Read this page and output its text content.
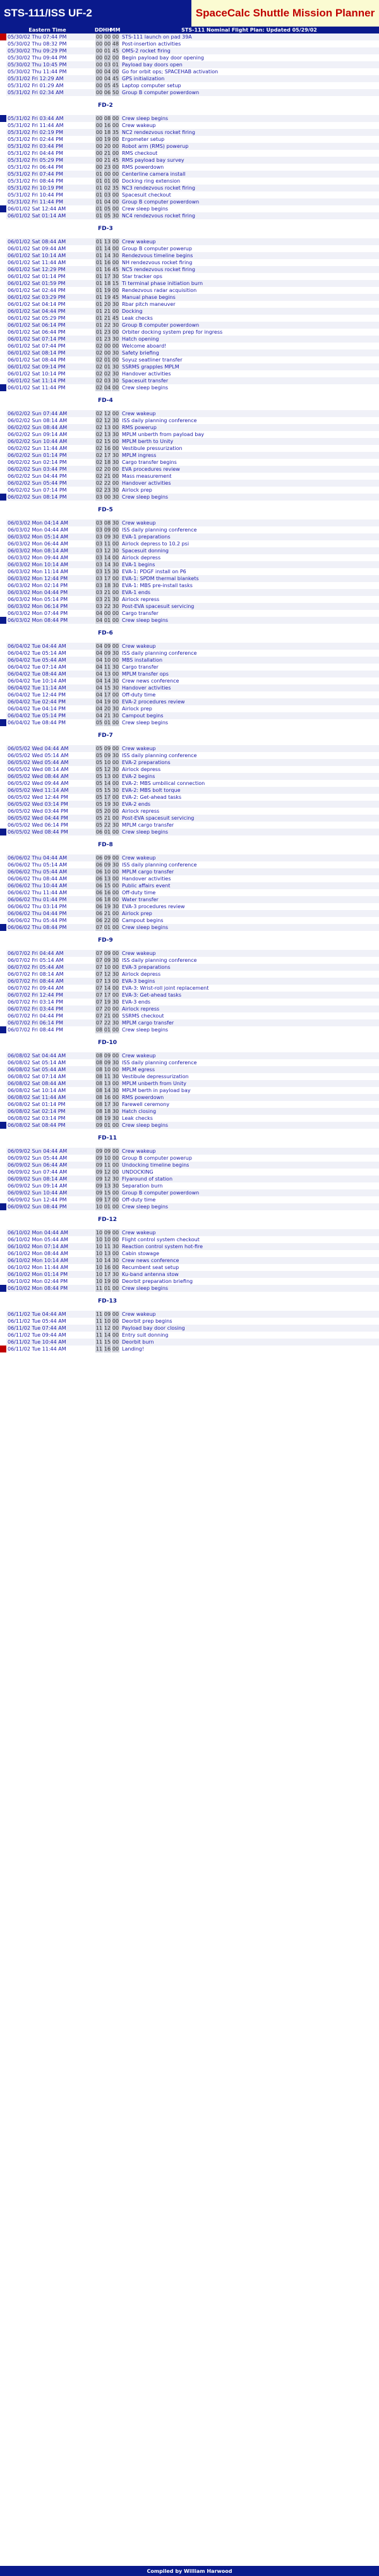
STS-111/ISS UF-2	SpaceCalc Shuttle Mission Planner
Eastern Time	DD HH
MM	STS-111 Nominal Flight Plan: Updated 05/29/02
05/30/02 Thu 07:44 PM	00 00 00 STS-111 launch on pad 39A
05/30/02 Thu 08:32 PM	00 00 48 Post-insertion activities
05/30/02 Thu 09:29 PM	00 01 45 OMS-2 rocket firing
05/30/02 Thu 09:44 PM	00 02 00 Begin payload bay door opening
05/30/02 Thu 10:45 PM	00 03 01 Payload bay doors open
05/30/02 Thu 11:44 PM	00 04 00 Go for orbit ops; SPACEHAB activation
05/31/02 Fri 12:29 AM	00 04 45 GPS initialization
05/31/02 Fri 01:29 AM	00 05 45 Laptop computer setup
05/31/02 Fri 02:34 AM	00 06 50 Group B computer powerdown
FD-2
05/31/02 Fri 03:44 AM	00 08 00 Crew sleep begins
05/31/02 Fri 11:44 AM	00 16 00 Crew wakeup
05/31/02 Fri 02:19 PM	00 18 35 NC2 rendezvous rocket firing
05/31/02 Fri 02:44 PM	00 19 00 Ergometer setup
05/31/02 Fri 03:44 PM	00 20 00 Robot arm (RMS) powerup
05/31/02 Fri 04:44 PM	00 21 00 RMS checkout
05/31/02 Fri 05:29 PM	00 21 45 RMS payload bay survey
05/31/02 Fri 06:44 PM	00 23 00 RMS powerdown
05/31/02 Fri 07:44 PM	01 00 00 Centerline camera install
05/31/02 Fri 08:44 PM	01 01 00 Docking ring extension
05/31/02 Fri 10:19 PM	01 02 35 NC3 rendezvous rocket firing
05/31/02 Fri 10:44 PM	01 03 00 Spacesuit checkout
05/31/02 Fri 11:44 PM	01 04 00 Group B computer powerdown
06/01/02 Sat 12:44 AM	01 05 00 Crew sleep begins
06/01/02 Sat 01:14 AM	01 05 30 NC4 rendezvous rocket firing
FD-3
06/01/02 Sat 08:44 AM	01 13 00 Crew wakeup
06/01/02 Sat 09:44 AM	01 14 00 Group B computer powerup
06/01/02 Sat 10:14 AM	01 14 30 Rendezvous timeline begins
06/01/02 Sat 11:44 AM	01 16 00 NH rendezvous rocket firing
06/01/02 Sat 12:29 PM	01 16 45 NC5 rendezvous rocket firing
06/01/02 Sat 01:14 PM	01 17 30 Star tracker ops
06/01/02 Sat 01:59 PM	01 18 15 Ti terminal phase initiation burn
06/01/02 Sat 02:44 PM	01 19 00 Rendezvous radar acquisition
06/01/02 Sat 03:29 PM	01 19 45 Manual phase begins
06/01/02 Sat 04:14 PM	01 20 30 Rbar pitch maneuver
06/01/02 Sat 04:44 PM	01 21 00 Docking
06/01/02 Sat 05:29 PM	01 21 45 Leak checks
06/01/02 Sat 06:14 PM	01 22 30 Group B computer powerdown
06/01/02 Sat 06:44 PM	01 23 00 Orbiter docking system prep for ingress
06/01/02 Sat 07:14 PM	01 23 30 Hatch opening
06/01/02 Sat 07:44 PM	02 00 00 Welcome aboard!
06/01/02 Sat 08:14 PM	02 00 30 Safety briefing
06/01/02 Sat 08:44 PM	02 01 00 Soyuz seatliner transfer
06/01/02 Sat 09:14 PM	02 01 30 SSRMS grapples MPLM
06/01/02 Sat 10:14 PM	02 02 30 Handover activities
06/01/02 Sat 11:14 PM	02 03 30 Spacesuit transfer
06/01/02 Sat 11:44 PM	02 04 00 Crew sleep begins
FD-4
06/02/02 Sun 07:44 AM	02 12 00 Crew wakeup
06/02/02 Sun 08:14 AM	02 12 30 ISS daily planning conference
06/02/02 Sun 08:44 AM	02 13 00 RMS powerup
06/02/02 Sun 09:14 AM	02 13 30 MPLM unberth from payload bay
06/02/02 Sun 10:44 AM	02 15 00 MPLM berth to Unity
06/02/02 Sun 11:44 AM	02 16 00 Vestibule pressurization
06/02/02 Sun 01:14 PM	02 17 30 MPLM ingress
06/02/02 Sun 02:14 PM	02 18 30 Cargo transfer begins
06/02/02 Sun 03:44 PM	02 20 00 EVA procedures review
06/02/02 Sun 04:44 PM	02 21 00 Mass measurement
06/02/02 Sun 05:44 PM	02 22 00 Handover activities
06/02/02 Sun 07:14 PM	02 23 30 Airlock prep
06/02/02 Sun 08:14 PM	03 00 30 Crew sleep begins
FD-5
06/03/02 Mon 04:14 AM	03 08 30 Crew wakeup
06/03/02 Mon 04:44 AM	03 09 00 ISS daily planning conference
06/03/02 Mon 05:14 AM	03 09 30 EVA-1 preparations
06/03/02 Mon 06:44 AM	03 11 00 Airlock depress to 10.2 psi
06/03/02 Mon 08:14 AM	03 12 30 Spacesuit donning
06/03/02 Mon 09:44 AM	03 14 00 Airlock depress
06/03/02 Mon 10:14 AM	03 14 30 EVA-1 begins
06/03/02 Mon 11:14 AM	03 15 30 EVA-1: PDGF install on P6
06/03/02 Mon 12:44 PM	03 17 00 EVA-1: SPDM thermal blankets
06/03/02 Mon 02:14 PM	03 18 30 EVA-1: MBS pre-install tasks
06/03/02 Mon 04:44 PM	03 21 00 EVA-1 ends
06/03/02 Mon 05:14 PM	03 21 30 Airlock repress
06/03/02 Mon 06:14 PM	03 22 30 Post-EVA spacesuit servicing
06/03/02 Mon 07:44 PM	04 00 00 Cargo transfer
06/03/02 Mon 08:44 PM	04 01 00 Crew sleep begins
FD-6
06/04/02 Tue 04:44 AM	04 09 00 Crew wakeup
06/04/02 Tue 05:14 AM	04 09 30 ISS daily planning conference
06/04/02 Tue 05:44 AM	04 10 00 MBS installation
06/04/02 Tue 07:14 AM	04 11 30 Cargo transfer
06/04/02 Tue 08:44 AM	04 13 00 MPLM transfer ops
06/04/02 Tue 10:14 AM	04 14 30 Crew news conference
06/04/02 Tue 11:14 AM	04 15 30 Handover activities
06/04/02 Tue 12:44 PM	04 17 00 Off-duty time
06/04/02 Tue 02:44 PM	04 19 00 EVA-2 procedures review
06/04/02 Tue 04:14 PM	04 20 30 Airlock prep
06/04/02 Tue 05:14 PM	04 21 30 Campout begins
06/04/02 Tue 08:44 PM	05 01 00 Crew sleep begins
FD-7
06/05/02 Wed 04:44 AM	05 09 00 Crew wakeup
06/05/02 Wed 05:14 AM	05 09 30 ISS daily planning conference
06/05/02 Wed 05:44 AM	05 10 00 EVA-2 preparations
06/05/02 Wed 08:14 AM	05 12 30 Airlock depress
06/05/02 Wed 08:44 AM	05 13 00 EVA-2 begins
06/05/02 Wed 09:44 AM	05 14 00 EVA-2: MBS umbilical connection
06/05/02 Wed 11:14 AM	05 15 30 EVA-2: MBS bolt torque
06/05/02 Wed 12:44 PM	05 17 00 EVA-2: Get-ahead tasks
06/05/02 Wed 03:14 PM	05 19 30 EVA-2 ends
06/05/02 Wed 03:44 PM	05 20 00 Airlock repress
06/05/02 Wed 04:44 PM	05 21 00 Post-EVA spacesuit servicing
06/05/02 Wed 06:14 PM	05 22 30 MPLM cargo transfer
06/05/02 Wed 08:44 PM	06 01 00 Crew sleep begins
FD-8
06/06/02 Thu 04:44 AM	06 09 00 Crew wakeup
06/06/02 Thu 05:14 AM	06 09 30 ISS daily planning conference
06/06/02 Thu 05:44 AM	06 10 00 MPLM cargo transfer
06/06/02 Thu 08:44 AM	06 13 00 Handover activities
06/06/02 Thu 10:44 AM	06 15 00 Public affairs event
06/06/02 Thu 11:44 AM	06 16 00 Off-duty time
06/06/02 Thu 01:44 PM	06 18 00 Water transfer
06/06/02 Thu 03:14 PM	06 19 30 EVA-3 procedures review
06/06/02 Thu 04:44 PM	06 21 00 Airlock prep
06/06/02 Thu 05:44 PM	06 22 00 Campout begins
06/06/02 Thu 08:44 PM	07 01 00 Crew sleep begins
FD-9
06/07/02 Fri 04:44 AM	07 09 00 Crew wakeup
06/07/02 Fri 05:14 AM	07 09 30 ISS daily planning conference
06/07/02 Fri 05:44 AM	07 10 00 EVA-3 preparations
06/07/02 Fri 08:14 AM	07 12 30 Airlock depress
06/07/02 Fri 08:44 AM	07 13 00 EVA-3 begins
06/07/02 Fri 09:44 AM	07 14 00 EVA-3: Wrist-roll joint replacement
06/07/02 Fri 12:44 PM	07 17 00 EVA-3: Get-ahead tasks
06/07/02 Fri 03:14 PM	07 19 30 EVA-3 ends
06/07/02 Fri 03:44 PM	07 20 00 Airlock repress
06/07/02 Fri 04:44 PM	07 21 00 SSRMS checkout
06/07/02 Fri 06:14 PM	07 22 30 MPLM cargo transfer
06/07/02 Fri 08:44 PM	08 01 00 Crew sleep begins
FD-10
06/08/02 Sat 04:44 AM	08 09 00 Crew wakeup
06/08/02 Sat 05:14 AM	08 09 30 ISS daily planning conference
06/08/02 Sat 05:44 AM	08 10 00 MPLM egress
06/08/02 Sat 07:14 AM	08 11 30 Vestibule depressurization
06/08/02 Sat 08:44 AM	08 13 00 MPLM unberth from Unity
06/08/02 Sat 10:14 AM	08 14 30 MPLM berth in payload bay
06/08/02 Sat 11:44 AM	08 16 00 RMS powerdown
06/08/02 Sat 01:14 PM	08 17 30 Farewell ceremony
06/08/02 Sat 02:14 PM	08 18 30 Hatch closing
06/08/02 Sat 03:14 PM	08 19 30 Leak checks
06/08/02 Sat 08:44 PM	09 01 00 Crew sleep begins
FD-11
06/09/02 Sun 04:44 AM	09 09 00 Crew wakeup
06/09/02 Sun 05:44 AM	09 10 00 Group B computer powerup
06/09/02 Sun 06:44 AM	09 11 00 Undocking timeline begins
06/09/02 Sun 07:44 AM	09 12 00 UNDOCKING
06/09/02 Sun 08:14 AM	09 12 30 Flyaround of station
06/09/02 Sun 09:14 AM	09 13 30 Separation burn
06/09/02 Sun 10:44 AM	09 15 00 Group B computer powerdown
06/09/02 Sun 12:44 PM	09 17 00 Off-duty time
06/09/02 Sun 08:44 PM	10 01 00 Crew sleep begins
FD-12
06/10/02 Mon 04:44 AM	10 09 00 Crew wakeup
06/10/02 Mon 05:44 AM	10 10 00 Flight control system checkout
06/10/02 Mon 07:14 AM	10 11 30 Reaction control system hot-fire
06/10/02 Mon 08:44 AM	10 13 00 Cabin stowage
06/10/02 Mon 10:14 AM	10 14 30 Crew news conference
06/10/02 Mon 11:44 AM	10 16 00 Recumbent seat setup
06/10/02 Mon 01:14 PM	10 17 30 Ku-band antenna stow
06/10/02 Mon 02:44 PM	10 19 00 Deorbit preparation briefing
06/10/02 Mon 08:44 PM	11 01 00 Crew sleep begins
FD-13
06/11/02 Tue 04:44 AM	11 09 00 Crew wakeup
06/11/02 Tue 05:44 AM	11 10 00 Deorbit prep begins
06/11/02 Tue 07:44 AM	11 12 00 Payload bay door closing
06/11/02 Tue 09:44 AM	11 14 00 Entry suit donning
06/11/02 Tue 10:44 AM	11 15 00 Deorbit burn
06/11/02 Tue 11:44 AM	11 16 00 Landing!
Compiled by William Harwood
